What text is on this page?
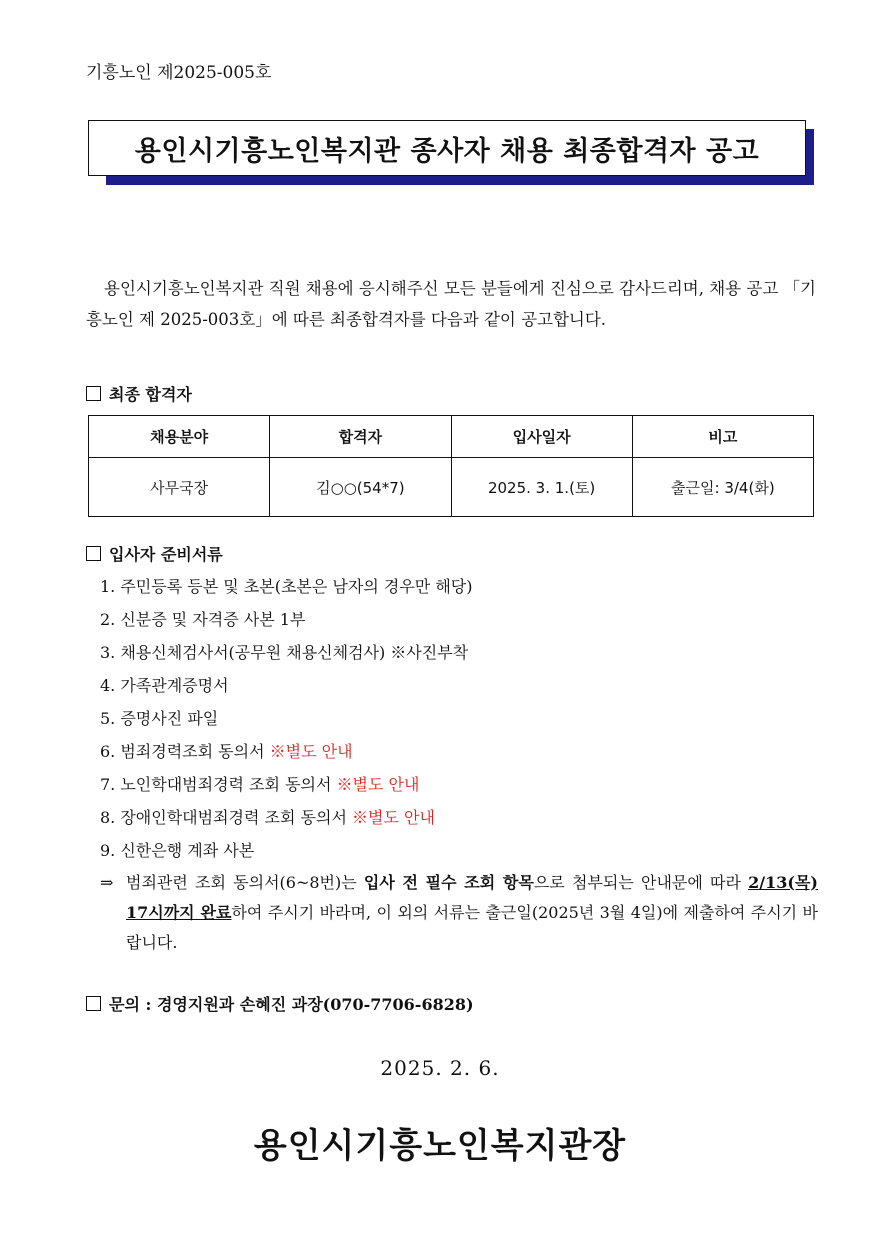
기흥노인 제2025-005호
용인시기흥노인복지관 종사자 채용 최종합격자 공고

용인시기흥노인복지관 직원 채용에 응시해주신 모든 분들에게 진심으로 감사드리며, 채용 공고 「기흥노인 제 2025-003호」에 따른 최종합격자를 다음과 같이 공고합니다.

최종 합격자
채용분야	합격자	입사일자	비고
사무국장	김○○(54*7)	2025. 3. 1.(토)	출근일: 3/4(화)
입사자 준비서류
1. 주민등록 등본 및 초본(초본은 남자의 경우만 해당)
2. 신분증 및 자격증 사본 1부
3. 채용신체검사서(공무원 채용신체검사) ※사진부착
4. 가족관계증명서
5. 증명사진 파일
6. 범죄경력조회 동의서 ※별도 안내
7. 노인학대범죄경력 조회 동의서 ※별도 안내
8. 장애인학대범죄경력 조회 동의서 ※별도 안내
9. 신한은행 계좌 사본
⇒ 범죄관련 조회 동의서(6~8번)는 입사 전 필수 조회 항목으로 첨부되는 안내문에 따라 2/13(목) 17시까지 완료하여 주시기 바라며, 이 외의 서류는 출근일(2025년 3월 4일)에 제출하여 주시기 바랍니다.
문의 : 경영지원과 손혜진 과장(070-7706-6828)
2025. 2. 6.
용인시기흥노인복지관장
